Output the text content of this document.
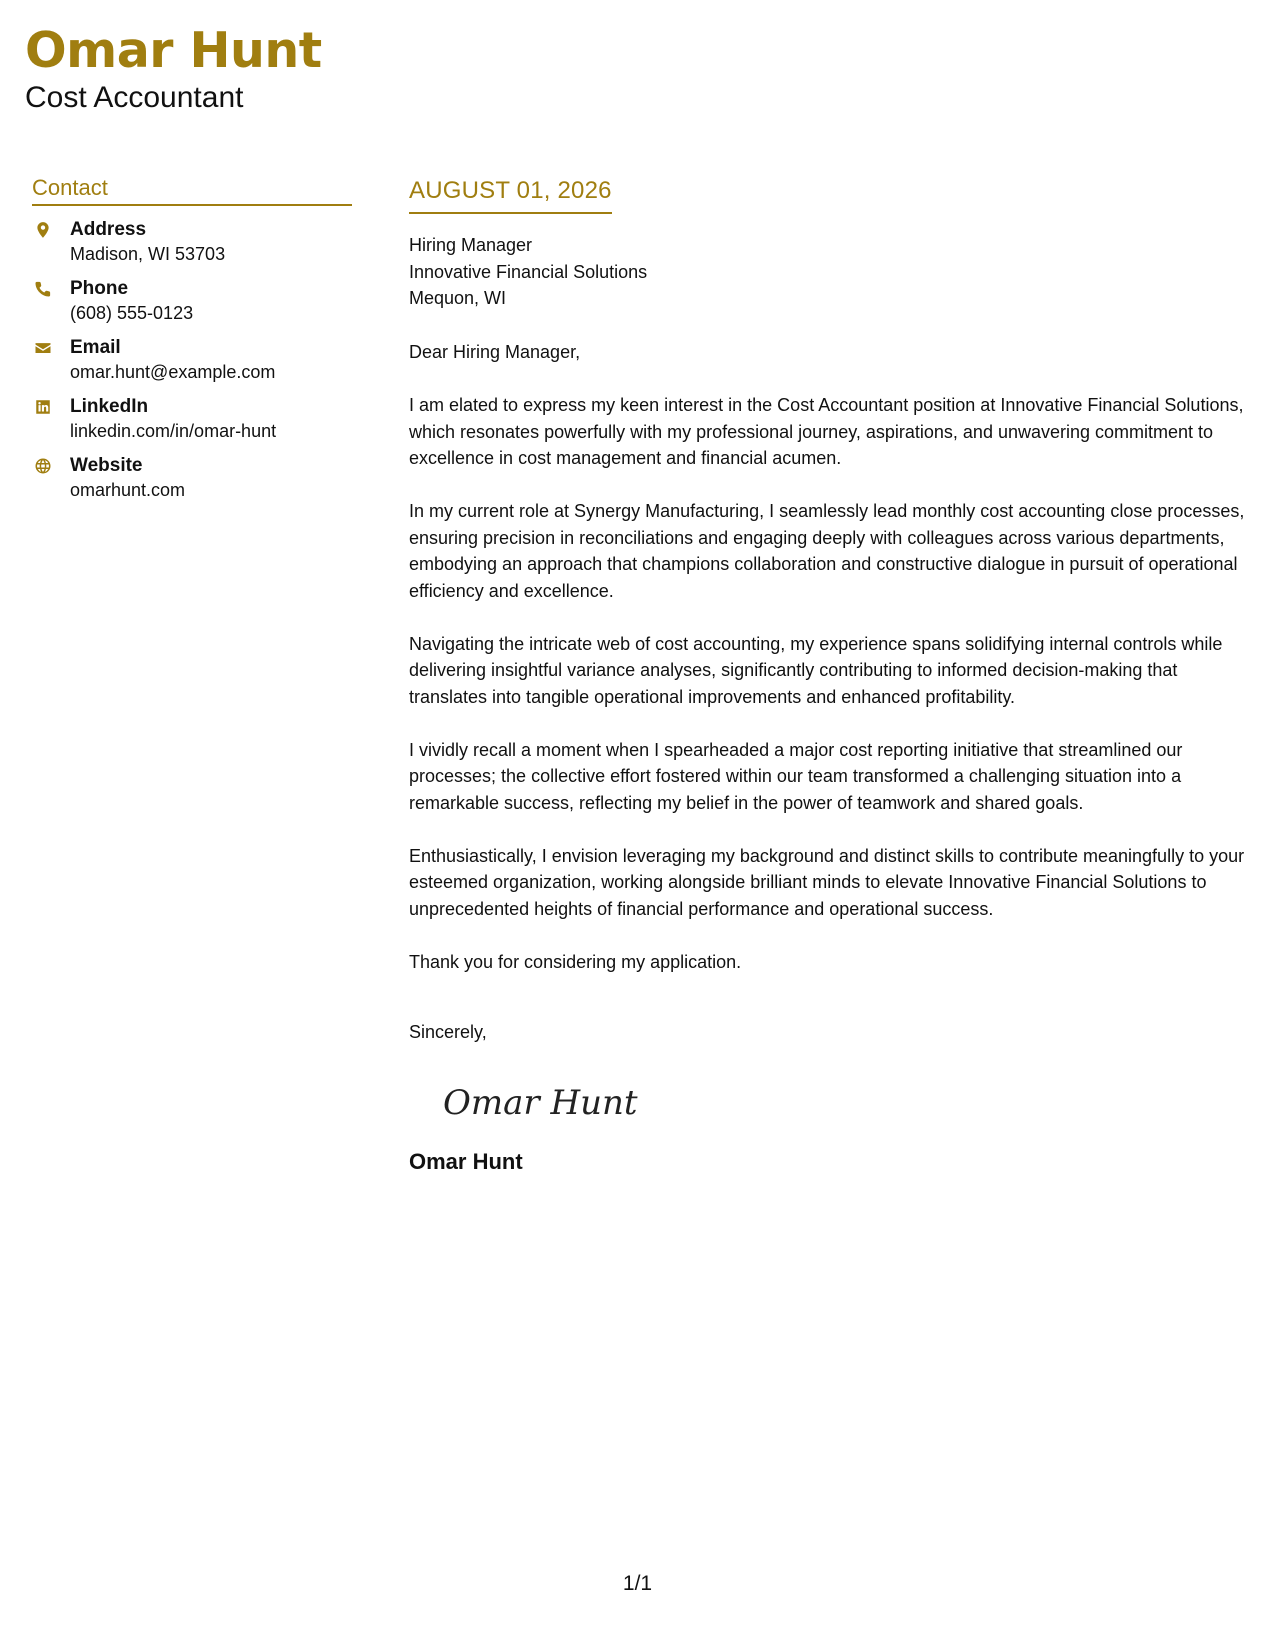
Omar Hunt
Cost Accountant
Contact
Address
Madison, WI 53703
Phone
(608) 555-0123
Email
omar.hunt@example.com
LinkedIn
linkedin.com/in/omar-hunt
Website
omarhunt.com
AUGUST 01, 2026
Hiring Manager
Innovative Financial Solutions
Mequon, WI
Dear Hiring Manager,

I am elated to express my keen interest in the Cost Accountant position at Innovative Financial Solutions, which resonates powerfully with my professional journey, aspirations, and unwavering commitment to excellence in cost management and financial acumen.

In my current role at Synergy Manufacturing, I seamlessly lead monthly cost accounting close processes, ensuring precision in reconciliations and engaging deeply with colleagues across various departments, embodying an approach that champions collaboration and constructive dialogue in pursuit of operational efficiency and excellence.

Navigating the intricate web of cost accounting, my experience spans solidifying internal controls while delivering insightful variance analyses, significantly contributing to informed decision-making that translates into tangible operational improvements and enhanced profitability.

I vividly recall a moment when I spearheaded a major cost reporting initiative that streamlined our processes; the collective effort fostered within our team transformed a challenging situation into a remarkable success, reflecting my belief in the power of teamwork and shared goals.

Enthusiastically, I envision leveraging my background and distinct skills to contribute meaningfully to your esteemed organization, working alongside brilliant minds to elevate Innovative Financial Solutions to unprecedented heights of financial performance and operational success.

Thank you for considering my application.

Sincerely,
Omar Hunt
Omar Hunt
1/1
